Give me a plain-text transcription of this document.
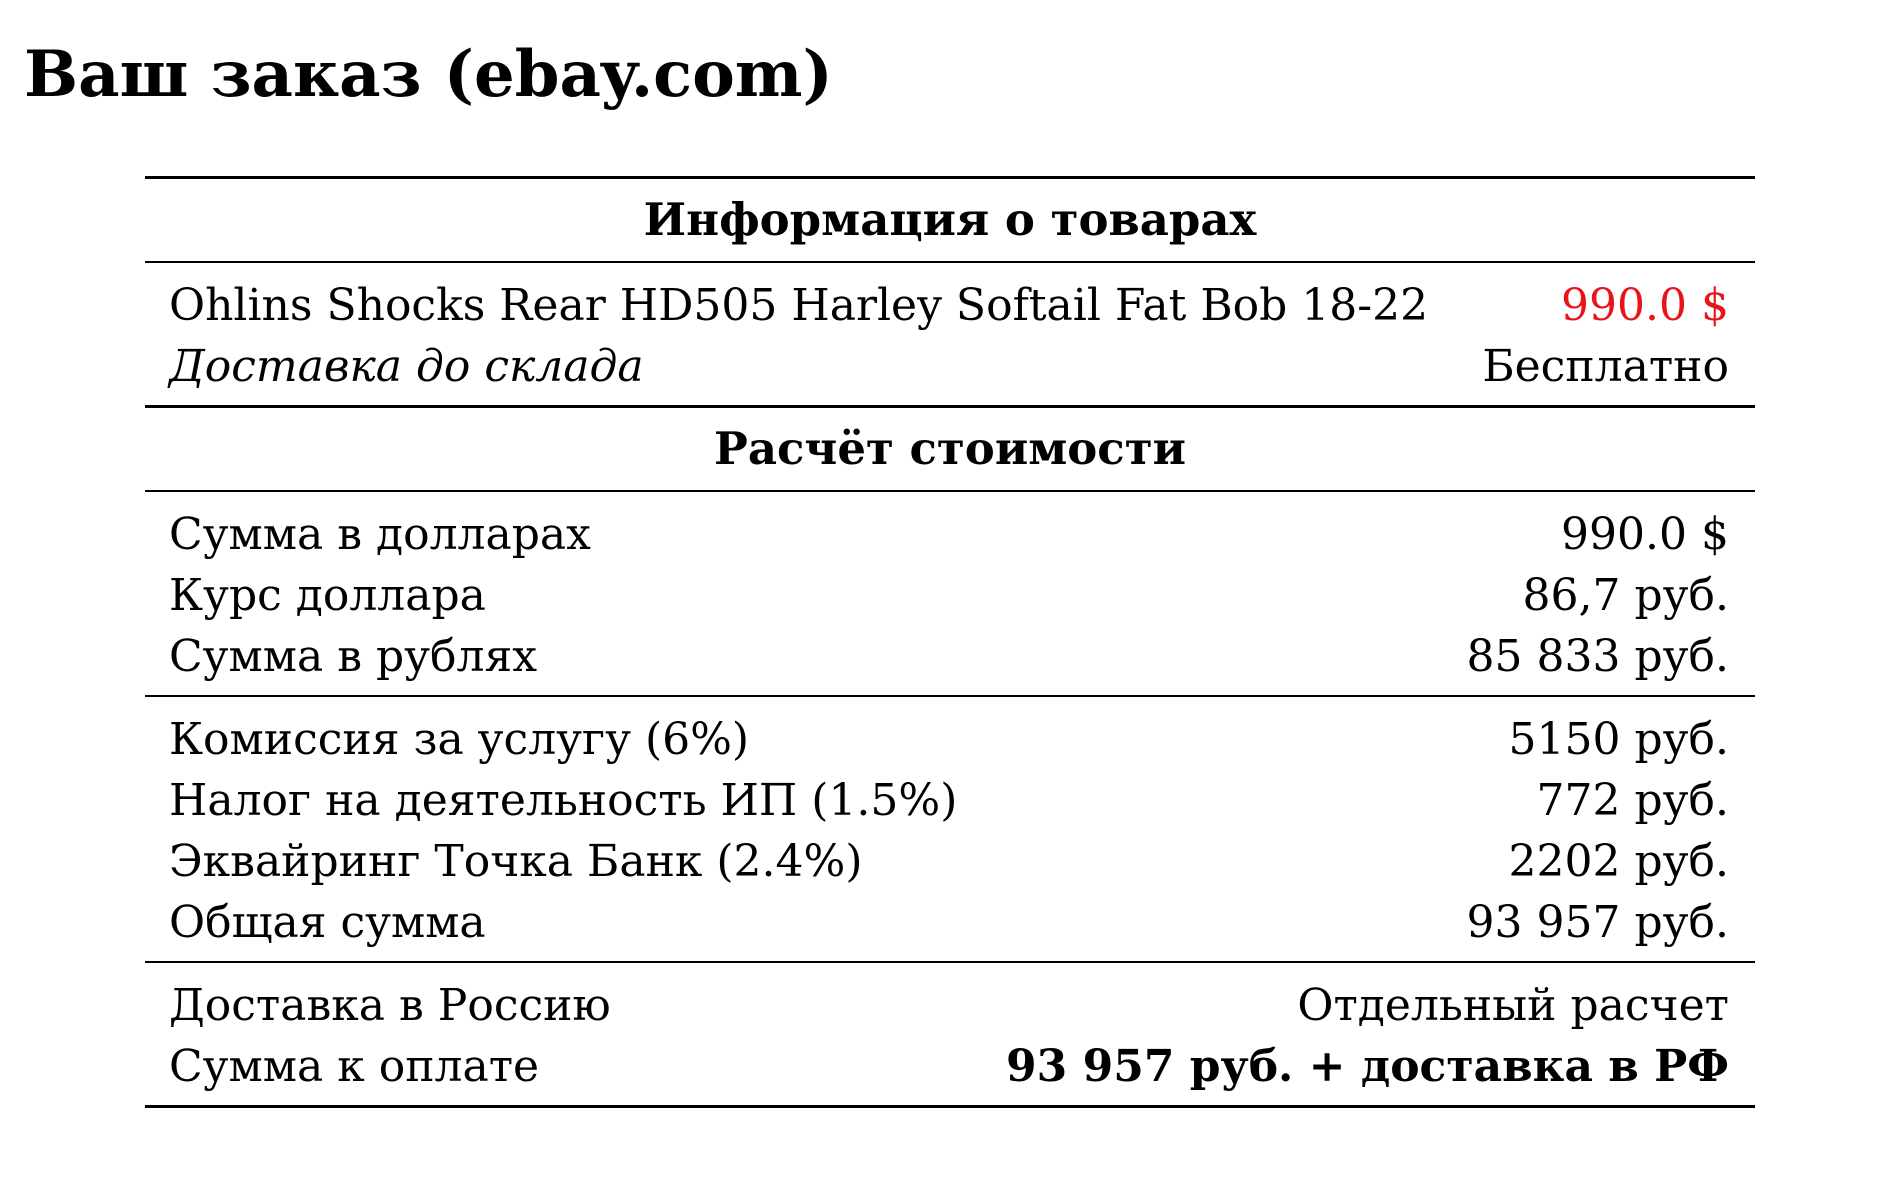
Ваш заказ (ebay.com)
Информация о товарах
Ohlins Shocks Rear HD505 Harley Softail Fat Bob 18-22	990.0 $
Доставка до склада	Бесплатно
Расчёт стоимости
Сумма в долларах	990.0 $
Курс доллара	86,7 руб.
Сумма в рублях	85 833 руб.
Комиссия за услугу (6%)	5150 руб.
Налог на деятельность ИП (1.5%)	772 руб.
Эквайринг Точка Банк (2.4%)	2202 руб.
Общая сумма	93 957 руб.
Доставка в Россию	Отдельный расчет
Сумма к оплате	93 957 руб. + доставка в РФ
